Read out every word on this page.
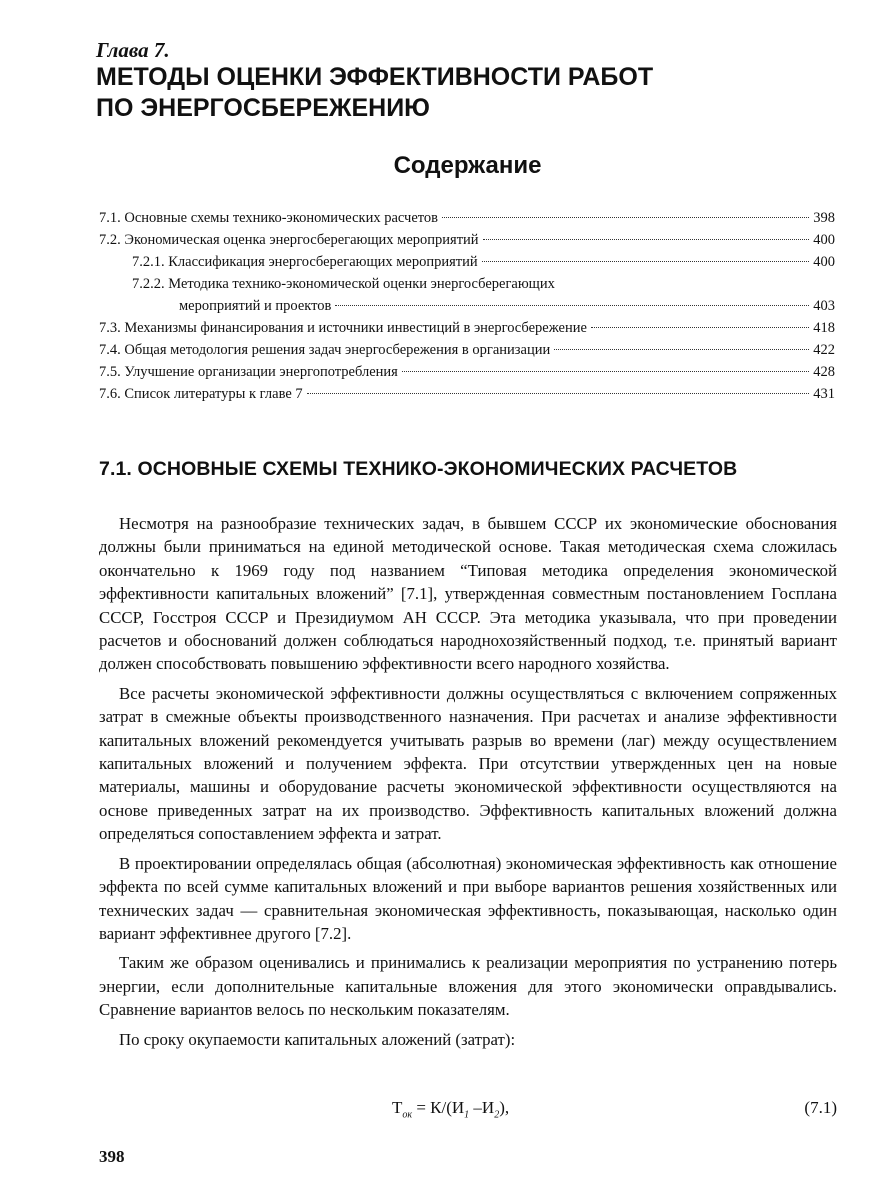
Глава 7.
МЕТОДЫ ОЦЕНКИ ЭФФЕКТИВНОСТИ РАБОТ
ПО ЭНЕРГОСБЕРЕЖЕНИЮ
Содержание
7.1. Основные схемы технико-экономических расчетов	398
7.2. Экономическая оценка энергосберегающих мероприятий	400
7.2.1. Классификация энергосберегающих мероприятий	400
7.2.2. Методика технико-экономической оценки энергосберегающих
мероприятий и проектов	403
7.3. Механизмы финансирования и источники инвестиций в энергосбережение	418
7.4. Общая методология решения задач энергосбережения в организации	422
7.5. Улучшение организации энергопотребления	428
7.6. Список литературы к главе 7	431
7.1. ОСНОВНЫЕ СХЕМЫ ТЕХНИКО-ЭКОНОМИЧЕСКИХ РАСЧЕТОВ

Несмотря на разнообразие технических задач, в бывшем СССР их экономические обоснования должны были приниматься на единой методической основе. Такая методическая схема сложилась окончательно к 1969 году под названием “Типовая методика определения экономической эффективности капитальных вложений” [7.1], утвержденная совместным постановлением Госплана СССР, Госстроя СССР и Президиумом АН СССР. Эта методика указывала, что при проведении расчетов и обоснований должен соблюдаться народнохозяйственный подход, т.е. принятый вариант должен способствовать повышению эффективности всего народного хозяйства.

Все расчеты экономической эффективности должны осуществляться с включением сопряженных затрат в смежные объекты производственного назначения. При расчетах и анализе эффективности капитальных вложений рекомендуется учитывать разрыв во времени (лаг) между осуществлением капитальных вложений и получением эффекта. При отсутствии утвержденных цен на новые материалы, машины и оборудование расчеты экономической эффективности осуществляются на основе приведенных затрат на их производство. Эффективность капитальных вложений должна определяться сопоставлением эффекта и затрат.

В проектировании определялась общая (абсолютная) экономическая эффективность как отношение эффекта по всей сумме капитальных вложений и при выборе вариантов решения хозяйственных или технических задач — сравнительная экономическая эффективность, показывающая, насколько один вариант эффективнее другого [7.2].

Таким же образом оценивались и принимались к реализации мероприятия по устранению потерь энергии, если дополнительные капитальные вложения для этого экономически оправдывались. Сравнение вариантов велось по нескольким показателям.

По сроку окупаемости капитальных аложений (затрат):

$Т_{ок} = К/(И_1$ $-И_2$),	(7.1)
398
